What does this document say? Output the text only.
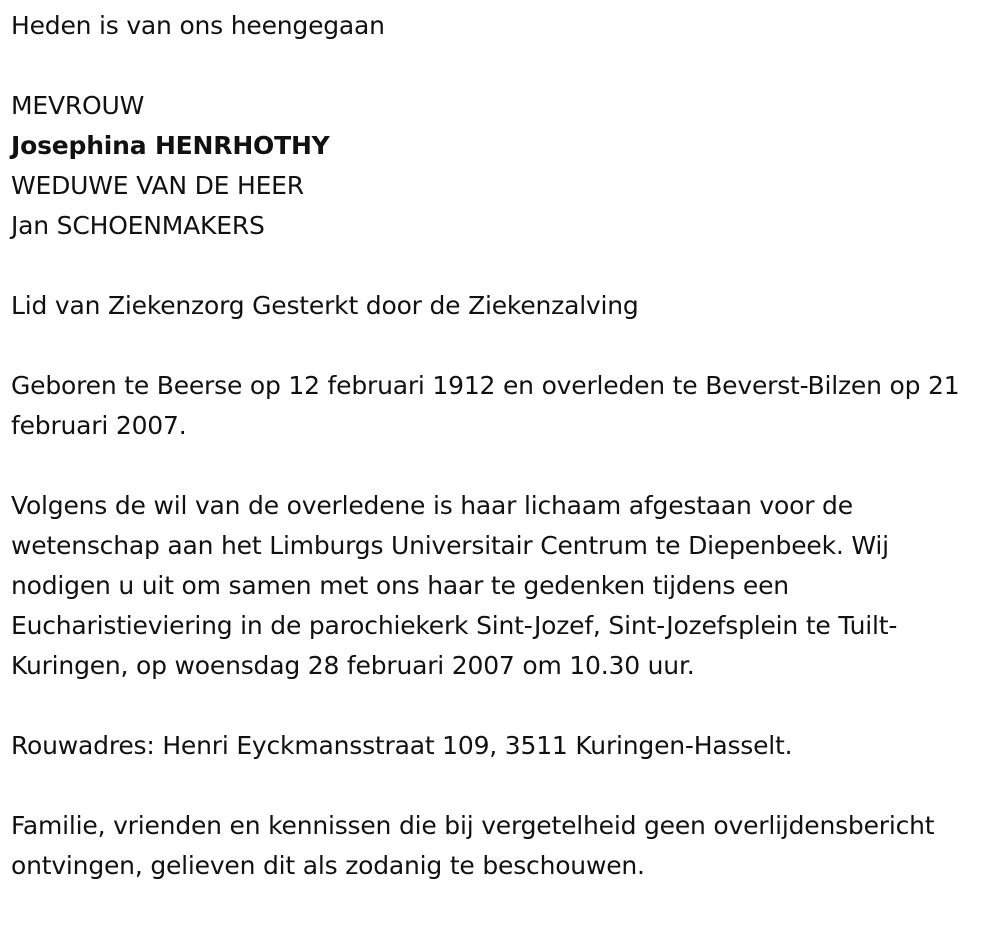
Heden is van ons heengegaan
MEVROUW
Josephina HENRHOTHY
WEDUWE VAN DE HEER
Jan SCHOENMAKERS
Lid van Ziekenzorg Gesterkt door de Ziekenzalving
Geboren te Beerse op 12 februari 1912 en overleden te Beverst-Bilzen op 21 februari 2007.
Volgens de wil van de overledene is haar lichaam afgestaan voor de wetenschap aan het Limburgs Universitair Centrum te Diepenbeek. Wij nodigen u uit om samen met ons haar te gedenken tijdens een Eucharistieviering in de parochiekerk Sint-Jozef, Sint-Jozefsplein te Tuilt-Kuringen, op woensdag 28 februari 2007 om 10.30 uur.
Rouwadres: Henri Eyckmansstraat 109, 3511 Kuringen-Hasselt.
Familie, vrienden en kennissen die bij vergetelheid geen overlijdensbericht ontvingen, gelieven dit als zodanig te beschouwen.
